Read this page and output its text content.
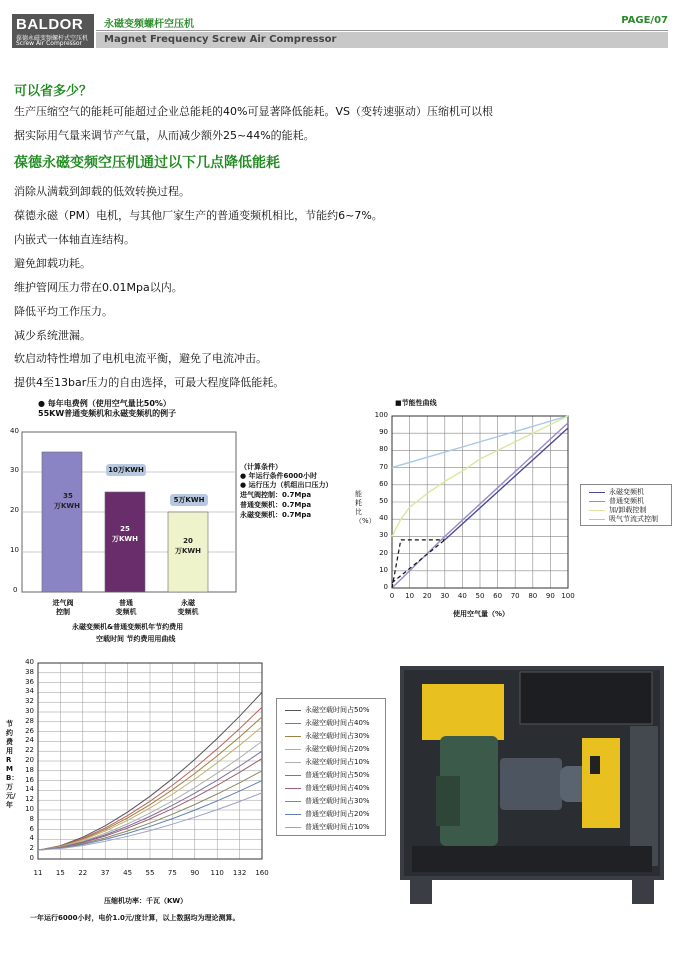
BALDOR
葆德永磁变频螺杆式空压机
Screw Air Compressor
永磁变频螺杆空压机	PAGE/07
Magnet Frequency Screw Air Compressor
可以省多少？
生产压缩空气的能耗可能超过企业总能耗的40%可显著降低能耗。VS（变转速驱动）压缩机可以根
据实际用气量来调节产气量，从而减少额外25~44%的能耗。
葆德永磁变频空压机通过以下几点降低能耗
消除从满载到卸载的低效转换过程。
葆德永磁（PM）电机，与其他厂家生产的普通变频机相比，节能约6~7%。
内嵌式一体轴直连结构。
避免卸载功耗。
维护管网压力带在0.01Mpa以内。
降低平均工作压力。
减少系统泄漏。
软启动特性增加了电机电流平衡，避免了电流冲击。
提供4至13bar压力的自由选择，可最大程度降低能耗。
● 每年电费例（使用空气量比50%）
55KW普通变频机和永磁变频机的例子
40
30
20
10
0
35
万KWH
25
万KWH	20
万KWH
10万KWH
5万KWH
进气阀
控制
普通
变频机
永磁
变频机
永磁变频机&普通变频机年节约费用
空载时间 节约费用用曲线
（计算条件）
● 年运行条件6000小时
● 运行压力（机组出口压力）
进气阀控制：0.7Mpa
普通变频机：0.7Mpa
永磁变频机：0.7Mpa
■节能性曲线
能耗比（%）
使用空气量（%）
0
10
20
30
40
50
60
70
80
90
100
0	10	20	30	40	50	60	70	80	90 100
永磁变频机
普通变频机
加/卸载控制
吸气节流式控制
0
2
4
6
8
10
12
14
16
18
20
22
24
26
28
30
32
34
36
38
40
11	15	22	37	45	55	75	90	110	132	160
节约费用RMB：万元/年
压缩机功率：千瓦（KW）
一年运行6000小时，电价1.0元/度计算，以上数据均为理论测算。
永磁空载时间占50%
永磁空载时间占40%
永磁空载时间占30%
永磁空载时间占20%
永磁空载时间占10%
普通空载时间占50%
普通空载时间占40%
普通空载时间占30%
普通空载时间占20%
普通空载时间占10%
